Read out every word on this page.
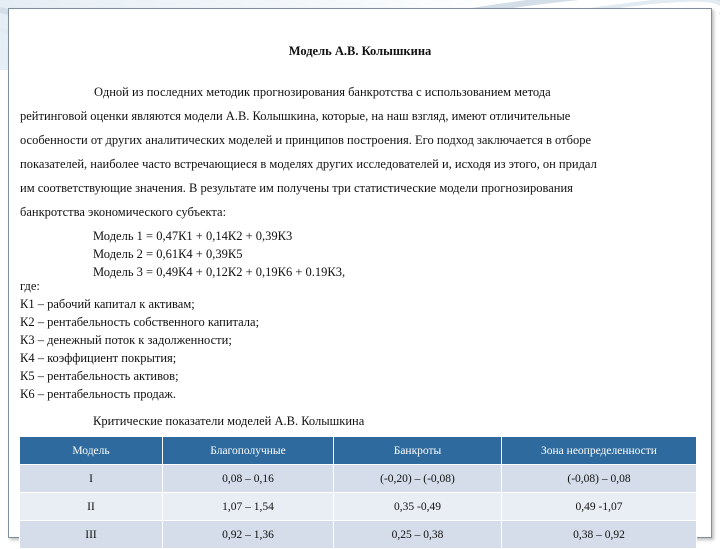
Модель А.В. Колышкина
Одной из последних методик прогнозирования банкротства с использованием метода
рейтинговой оценки являются модели А.В. Колышкина, которые, на наш взгляд, имеют отличительные
особенности от других аналитических моделей и принципов построения. Его подход заключается в отборе
показателей, наиболее часто встречающиеся в моделях других исследователей и, исходя из этого, он придал
им соответствующие значения. В результате им получены три статистические модели прогнозирования
банкротства экономического субъекта:
Модель 1 = 0,47К1 + 0,14К2 + 0,39К3
Модель 2 = 0,61К4 + 0,39К5
Модель 3 = 0,49К4 + 0,12К2 + 0,19К6 + 0.19К3,
где:
К1 – рабочий капитал к активам;
К2 – рентабельность собственного капитала;
К3 – денежный поток к задолженности;
К4 – коэффициент покрытия;
К5 – рентабельность активов;
К6 – рентабельность продаж.
Критические показатели моделей А.В. Колышкина
Модель	Благополучные	Банкроты	Зона неопределенности
I	0,08 – 0,16	(-0,20) – (-0,08)	(-0,08) – 0,08
II	1,07 – 1,54	0,35 -0,49	0,49 -1,07
III	0,92 – 1,36	0,25 – 0,38	0,38 – 0,92
